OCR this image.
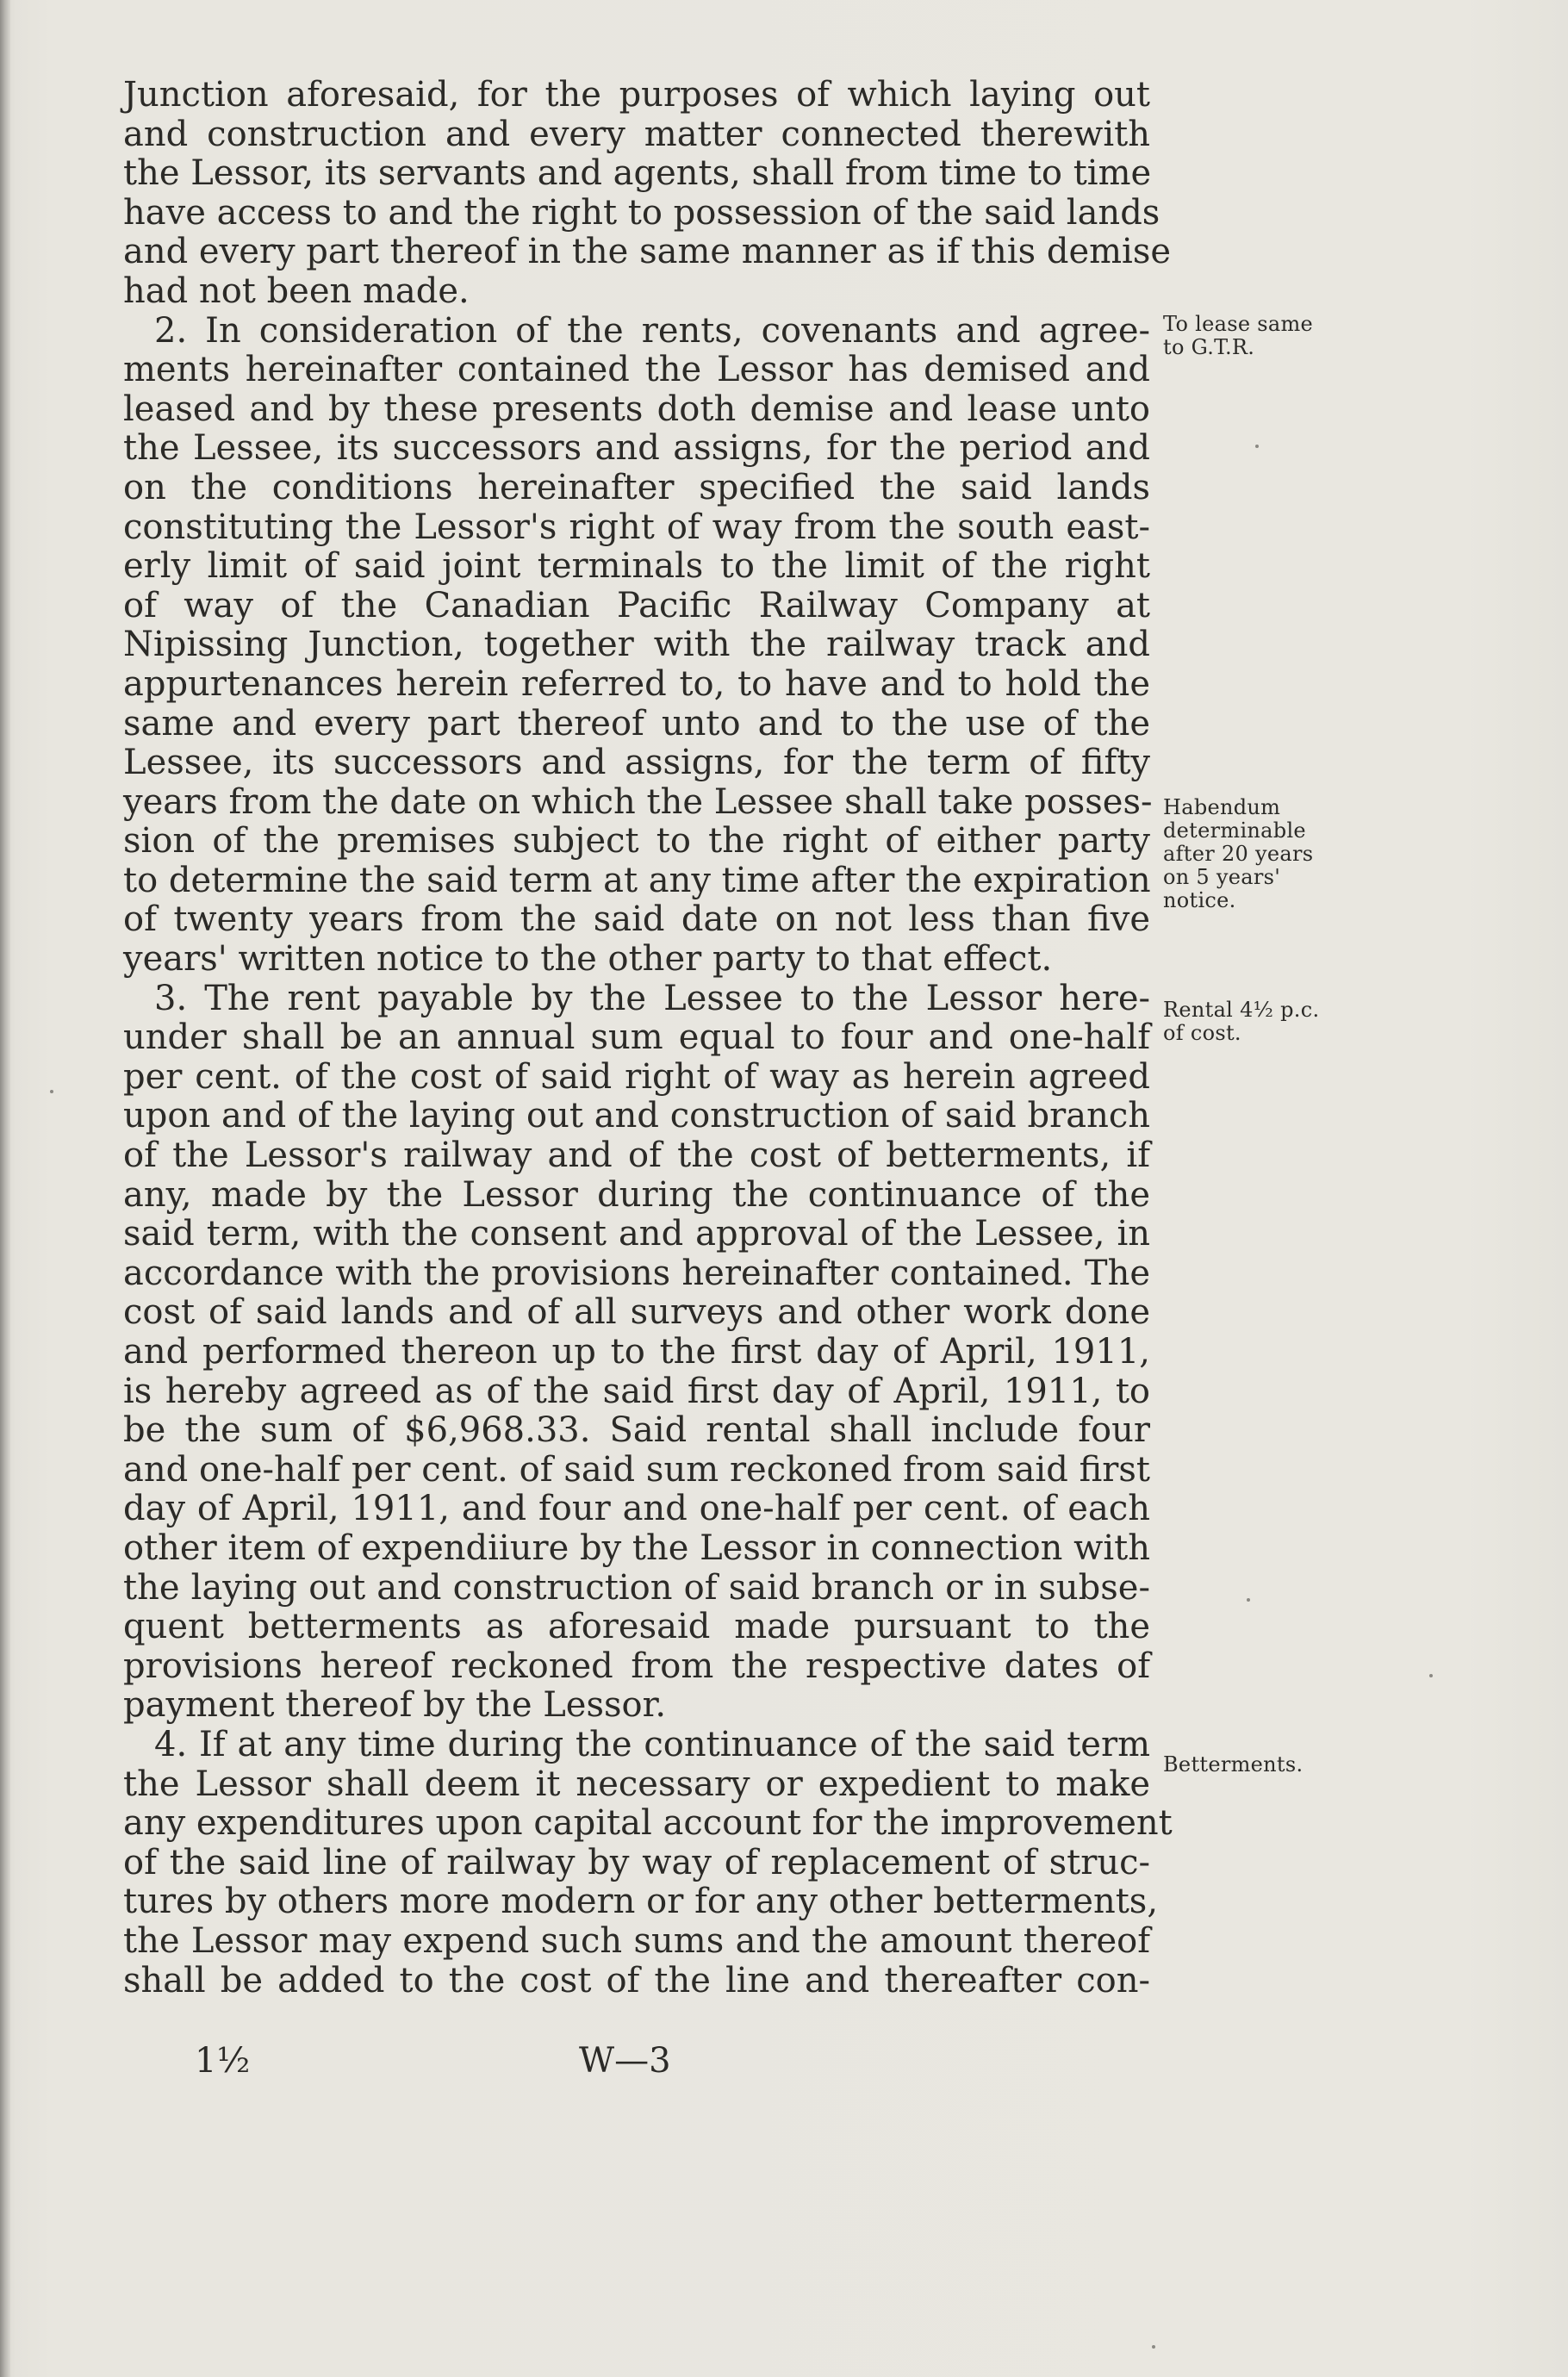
Junction aforesaid, for the purposes of which laying out
and construction and every matter connected therewith
the Lessor, its servants and agents, shall from time to time
have access to and the right to possession of the said lands
and every part thereof in the same manner as if this demise
had not been made.
2. In consideration of the rents, covenants and agree-
ments hereinafter contained the Lessor has demised and
leased and by these presents doth demise and lease unto
the Lessee, its successors and assigns, for the period and
on the conditions hereinafter specified the said lands
constituting the Lessor's right of way from the south east-
erly limit of said joint terminals to the limit of the right
of way of the Canadian Pacific Railway Company at
Nipissing Junction, together with the railway track and
appurtenances herein referred to, to have and to hold the
same and every part thereof unto and to the use of the
Lessee, its successors and assigns, for the term of fifty
years from the date on which the Lessee shall take posses-
sion of the premises subject to the right of either party
to determine the said term at any time after the expiration
of twenty years from the said date on not less than five
years' written notice to the other party to that effect.
3. The rent payable by the Lessee to the Lessor here-
under shall be an annual sum equal to four and one-half
per cent. of the cost of said right of way as herein agreed
upon and of the laying out and construction of said branch
of the Lessor's railway and of the cost of betterments, if
any, made by the Lessor during the continuance of the
said term, with the consent and approval of the Lessee, in
accordance with the provisions hereinafter contained. The
cost of said lands and of all surveys and other work done
and performed thereon up to the first day of April, 1911,
is hereby agreed as of the said first day of April, 1911, to
be the sum of $6,968.33. Said rental shall include four
and one-half per cent. of said sum reckoned from said first
day of April, 1911, and four and one-half per cent. of each
other item of expendiiure by the Lessor in connection with
the laying out and construction of said branch or in subse-
quent betterments as aforesaid made pursuant to the
provisions hereof reckoned from the respective dates of
payment thereof by the Lessor.
4. If at any time during the continuance of the said term
the Lessor shall deem it necessary or expedient to make
any expenditures upon capital account for the improvement
of the said line of railway by way of replacement of struc-
tures by others more modern or for any other betterments,
the Lessor may expend such sums and the amount thereof
shall be added to the cost of the line and thereafter con-
To lease same
to G.T.R.
Habendum
determinable
after 20 years
on 5 years'
notice.
Rental 4½ p.c.
of cost.
Betterments.
1½	W—3
